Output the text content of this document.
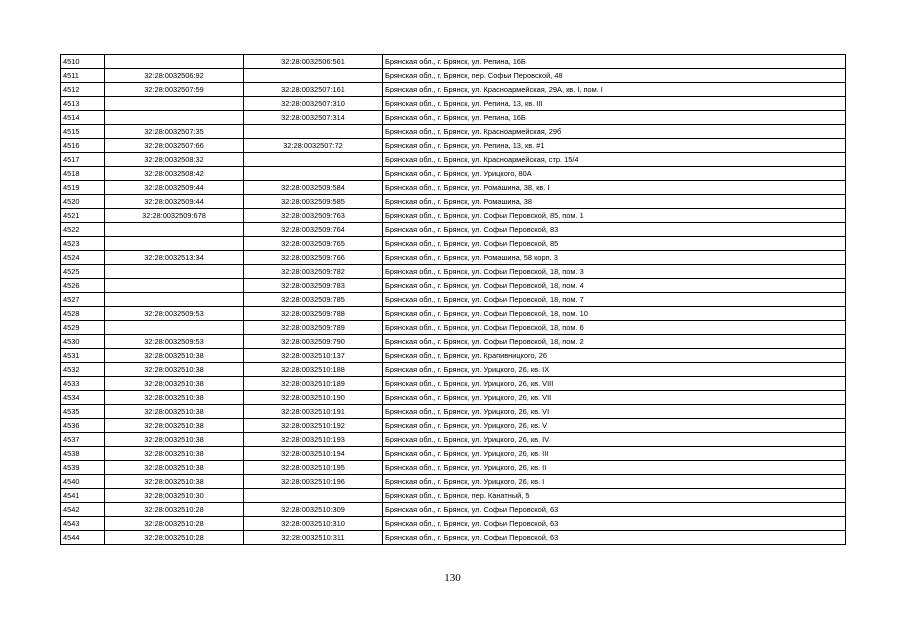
4510		32:28:0032506:561	Брянская обл., г. Брянск, ул. Репина, 16Б
4511	32:28:0032506:92		Брянская обл., г. Брянск, пер. Софьи Перовской, 48
4512	32:28:0032507:59	32:28:0032507:161	Брянская обл., г. Брянск, ул. Красноармейская, 29А, кв. I, пом. I
4513		32:28:0032507:310	Брянская обл., г. Брянск, ул. Репина, 13, кв. III
4514		32:28:0032507:314	Брянская обл., г. Брянск, ул. Репина, 16Б
4515	32:28:0032507:35		Брянская обл., г. Брянск, ул. Красноармейская, 29б
4516	32:28:0032507:66	32:28:0032507:72	Брянская обл., г. Брянск, ул. Репина, 13, кв. #1
4517	32:28:0032508:32		Брянская обл., г. Брянск, ул. Красноармейская, стр. 15/4
4518	32:28:0032508:42		Брянская обл., г. Брянск, ул. Урицкого, 80А
4519	32:28:0032509:44	32:28:0032509:584	Брянская обл., г. Брянск, ул. Ромашина, 38, кв. I
4520	32:28:0032509:44	32:28:0032509:585	Брянская обл., г. Брянск, ул. Ромашина, 38
4521	32:28:0032509:678	32:28:0032509:763	Брянская обл., г. Брянск, ул. Софьи Перовской, 85, пом. 1
4522		32:28:0032509:764	Брянская обл., г. Брянск, ул. Софьи Перовской, 83
4523		32:28:0032509:765	Брянская обл., г. Брянск, ул. Софьи Перовской, 85
4524	32:28:0032513:34	32:28:0032509:766	Брянская обл., г. Брянск, ул. Ромашина, 58 корп. 3
4525		32:28:0032509:782	Брянская обл., г. Брянск, ул. Софьи Перовской, 18, пом. 3
4526		32:28:0032509:783	Брянская обл., г. Брянск, ул. Софьи Перовской, 18, пом. 4
4527		32:28:0032509:785	Брянская обл., г. Брянск, ул. Софьи Перовской, 18, пом. 7
4528	32:28:0032509:53	32:28:0032509:788	Брянская обл., г. Брянск, ул. Софьи Перовской, 18, пом. 10
4529		32:28:0032509:789	Брянская обл., г. Брянск, ул. Софьи Перовской, 18, пом. 6
4530	32:28:0032509:53	32:28:0032509:790	Брянская обл., г. Брянск, ул. Софьи Перовской, 18, пом. 2
4531	32:28:0032510:38	32:28:0032510:137	Брянская обл., г. Брянск, ул. Крапивницкого, 26
4532	32:28:0032510:38	32:28:0032510:188	Брянская обл., г. Брянск, ул. Урицкого, 26, кв. IX
4533	32:28:0032510:38	32:28:0032510:189	Брянская обл., г. Брянск, ул. Урицкого, 26, кв. VIII
4534	32:28:0032510:38	32:28:0032510:190	Брянская обл., г. Брянск, ул. Урицкого, 26, кв. VII
4535	32:28:0032510:38	32:28:0032510:191	Брянская обл., г. Брянск, ул. Урицкого, 26, кв. VI
4536	32:28:0032510:38	32:28:0032510:192	Брянская обл., г. Брянск, ул. Урицкого, 26, кв. V
4537	32:28:0032510:38	32:28:0032510:193	Брянская обл., г. Брянск, ул. Урицкого, 26, кв. IV
4538	32:28:0032510:38	32:28:0032510:194	Брянская обл., г. Брянск, ул. Урицкого, 26, кв. III
4539	32:28:0032510:38	32:28:0032510:195	Брянская обл., г. Брянск, ул. Урицкого, 26, кв. II
4540	32:28:0032510:38	32:28:0032510:196	Брянская обл., г. Брянск, ул. Урицкого, 26, кв. I
4541	32:28:0032510:30		Брянская обл., г. Брянск, пер. Канатный, 5
4542	32:28:0032510:28	32:28:0032510:309	Брянская обл., г. Брянск, ул. Софьи Перовской, 63
4543	32:28:0032510:28	32:28:0032510:310	Брянская обл., г. Брянск, ул. Софьи Перовской, 63
4544	32:28:0032510:28	32:28:0032510:311	Брянская обл., г. Брянск, ул. Софьи Перовской, 63
130
